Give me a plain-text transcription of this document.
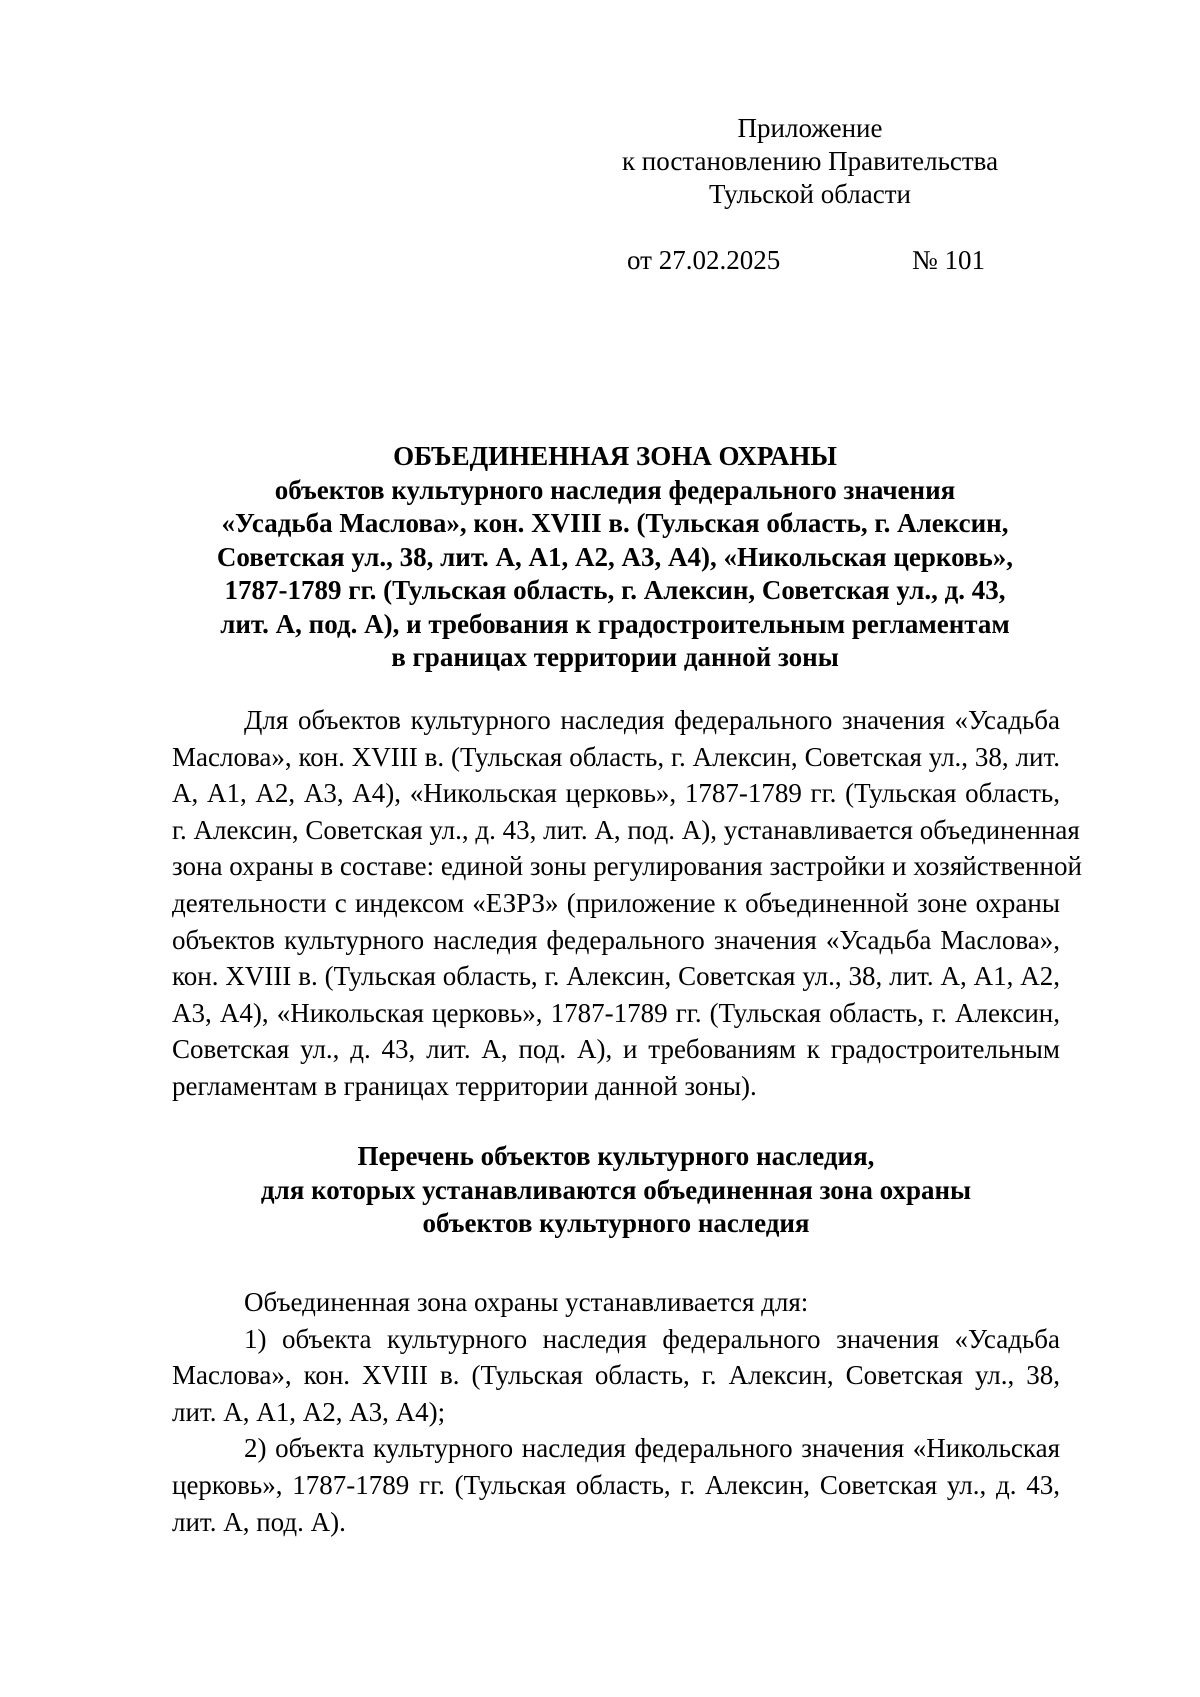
Приложение
к постановлению Правительства
Тульской области
от 27.02.2025	№ 101
ОБЪЕДИНЕННАЯ ЗОНА ОХРАНЫ
объектов культурного наследия федерального значения
«Усадьба Маслова», кон. XVIII в. (Тульская область, г. Алексин,
Советская ул., 38, лит. А, А1, А2, А3, А4), «Никольская церковь»,
1787-1789 гг. (Тульская область, г. Алексин, Советская ул., д. 43,
лит. А, под. А), и требования к градостроительным регламентам
в границах территории данной зоны
Для объектов культурного наследия федерального значения «Усадьба
Маслова», кон. XVIII в. (Тульская область, г. Алексин, Советская ул., 38, лит.
А, А1, А2, А3, А4), «Никольская церковь», 1787-1789 гг. (Тульская область,
г. Алексин, Советская ул., д. 43, лит. А, под. А), устанавливается объединенная
зона охраны в составе: единой зоны регулирования застройки и хозяйственной
деятельности с индексом «ЕЗРЗ» (приложение к объединенной зоне охраны
объектов культурного наследия федерального значения «Усадьба Маслова»,
кон. XVIII в. (Тульская область, г. Алексин, Советская ул., 38, лит. А, А1, А2,
А3, А4), «Никольская церковь», 1787-1789 гг. (Тульская область, г. Алексин,
Советская ул., д. 43, лит. А, под. А), и требованиям к градостроительным
регламентам в границах территории данной зоны).
Перечень объектов культурного наследия,
для которых устанавливаются объединенная зона охраны
объектов культурного наследия
Объединенная зона охраны устанавливается для:
1) объекта культурного наследия федерального значения «Усадьба
Маслова», кон. XVIII в. (Тульская область, г. Алексин, Советская ул., 38,
лит. А, А1, А2, А3, А4);
2) объекта культурного наследия федерального значения «Никольская
церковь», 1787-1789 гг. (Тульская область, г. Алексин, Советская ул., д. 43,
лит. А, под. А).
